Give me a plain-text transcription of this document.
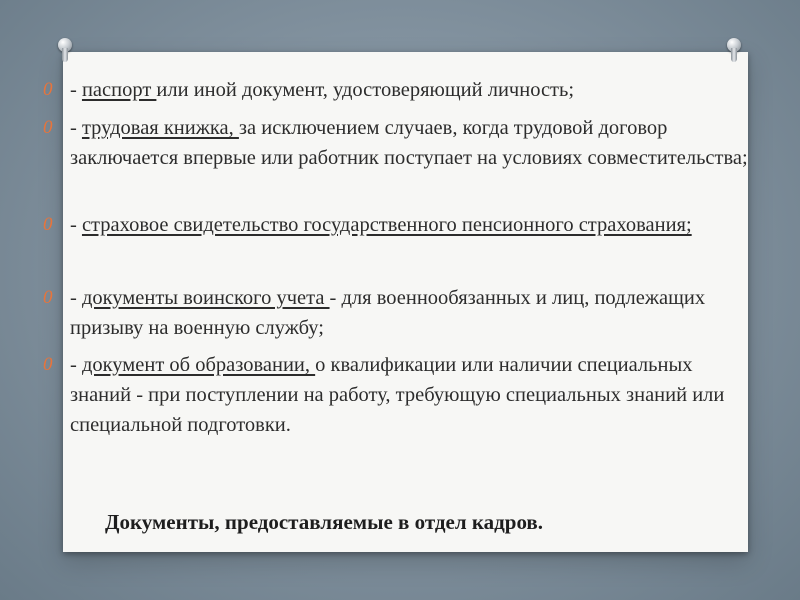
0 - паспорт или иной документ, удостоверяющий личность;
0 - трудовая книжка, за исключением случаев, когда трудовой договор заключается впервые или работник поступает на условиях совместительства;
0 - страховое свидетельство государственного пенсионного страхования;
0 - документы воинского учета - для военнообязанных и лиц, подлежащих призыву на военную службу;
0 - документ об образовании, о квалификации или наличии специальных знаний - при поступлении на работу, требующую специальных знаний или специальной подготовки.
Документы, предоставляемые в отдел кадров.
